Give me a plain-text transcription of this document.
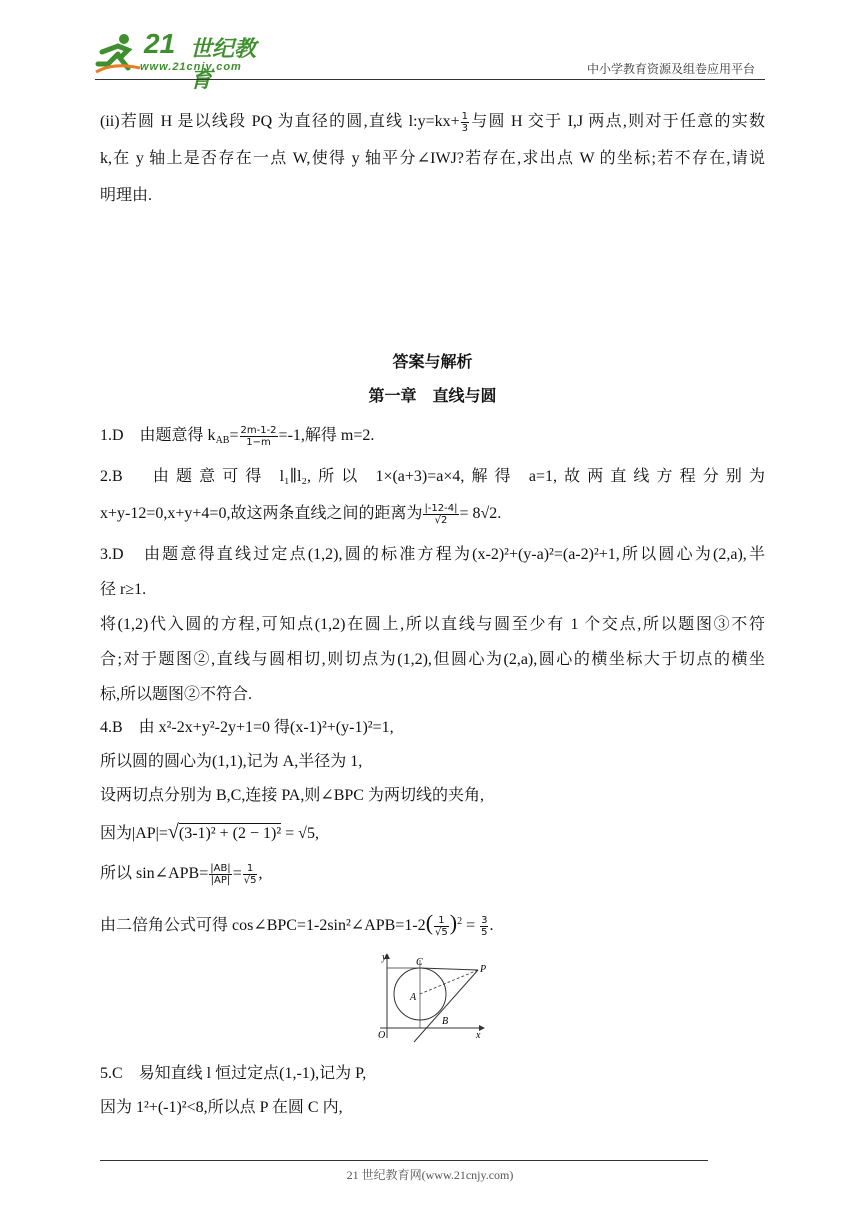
21 世纪教育
www.21cnjy.com	中小学教育资源及组卷应用平台
(ii)若圆 H 是以线段 PQ 为直径的圆,直线 l:y=kx+ $\frac{1}{3}$ 与圆 H 交于 I,J 两点,则对于任意的实数
k,在 y 轴上是否存在一点 W,使得 y 轴平分∠IWJ?若存在,求出点 W 的坐标;若不存在,请说
明理由.
答案与解析
第一章　直线与圆
1.D　由题意得 $k_{AB}= \frac{2m-1-2}{1-m} =-1$,解得 m=2.
2.B　由题意可得 l₁∥l₂,所以 1×(a+3)=a×4,解得 a=1,故两直线方程分别为
x+y-12=0,x+y+4=0,故这两条直线之间的距离为 $\frac{|-12-4|}{√2} = 8√2$.
3.D　由题意得直线过定点(1,2),圆的标准方程为(x-2)²+(y-a)²=(a-2)²+1,所以圆心为(2,a),半
径 r≥1.
将(1,2)代入圆的方程,可知点(1,2)在圆上,所以直线与圆至少有 1 个交点,所以题图③不符
合;对于题图②,直线与圆相切,则切点为(1,2),但圆心为(2,a),圆心的横坐标大于切点的横坐
标,所以题图②不符合.
4.B　由 x²-2x+y²-2y+1=0 得(x-1)²+(y-1)²=1,
所以圆的圆心为(1,1),记为 A,半径为 1,
设两切点分别为 B,C,连接 PA,则∠BPC 为两切线的夹角,
因为|AP|=√(3-1)² + (2 − 1)² = √5,
所以 sin∠APB= $\frac{|AB|}{|AP|} = \frac{1}{√5}$ ,
由二倍角公式可得 cos∠BPC=1-2sin²∠APB=1-2( $\frac{1}{√5} )^2 = \frac{3}{5}$ .
y
x
O
C
A
B
P
5.C　易知直线 l 恒过定点(1,-1),记为 P,
因为 1²+(-1)²<8,所以点 P 在圆 C 内,
21 世纪教育网(www.21cnjy.com)
